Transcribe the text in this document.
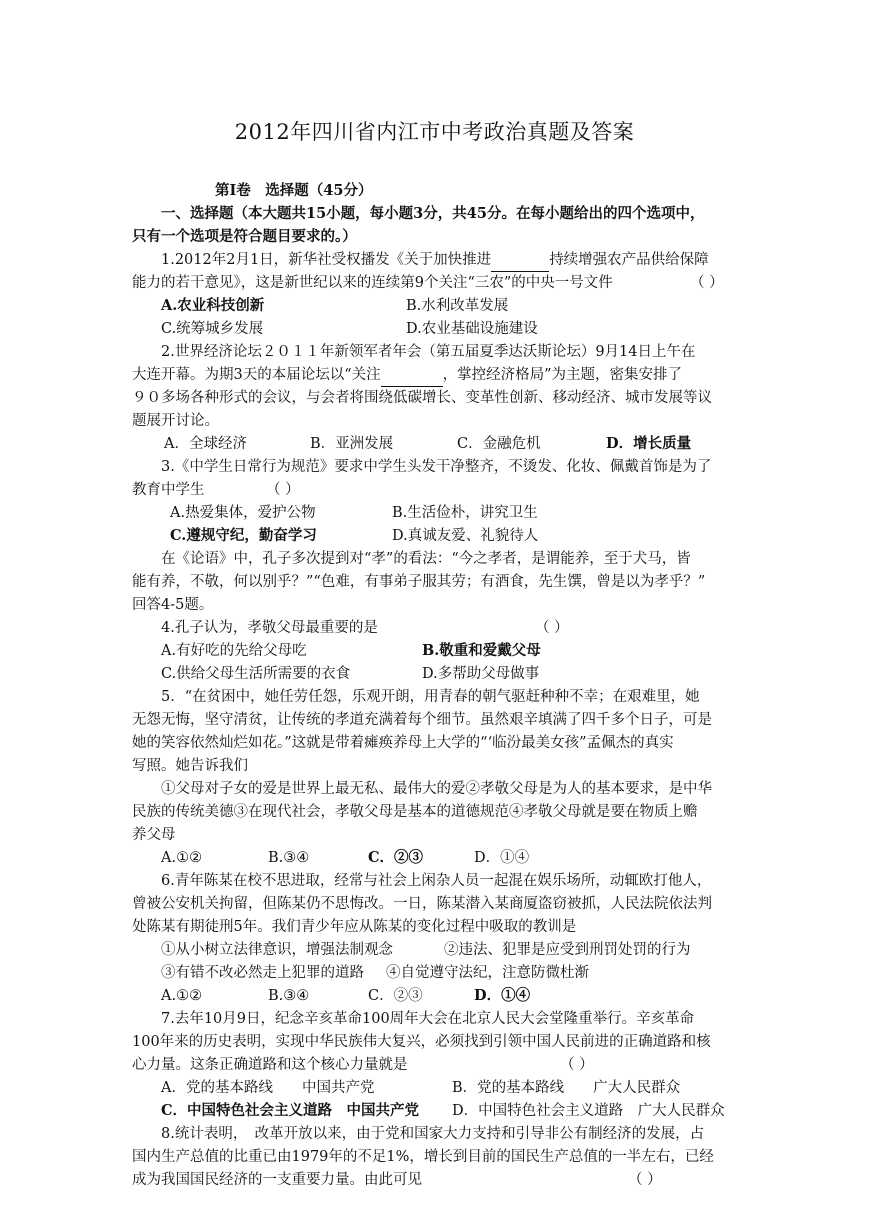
2012年四川省内江市中考政治真题及答案
第Ⅰ卷　选择题（45分）
一、选择题（本大题共15小题，每小题3分，共45分。在每小题给出的四个选项中，
只有一个选项是符合题目要求的。）
1.2012年2月1日，新华社受权播发《关于加快推进	持续增强农产品供给保障
能力的若干意见》，这是新世纪以来的连续第9个关注“三农”的中央一号文件	（ ）
A.农业科技创新	B.水利改革发展
C.统筹城乡发展	D.农业基础设施建设
2.世界经济论坛２０１１年新领军者年会（第五届夏季达沃斯论坛）9月14日上午在
大连开幕。为期3天的本届论坛以“关注	，掌控经济格局”为主题，密集安排了
９０多场各种形式的会议，与会者将围绕低碳增长、变革性创新、移动经济、城市发展等议
题展开讨论。
A．全球经济	B．亚洲发展	C．金融危机	D．增长质量
3.《中学生日常行为规范》要求中学生头发干净整齐，不烫发、化妆、佩戴首饰是为了
教育中学生	（ ）
A.热爱集体，爱护公物	B.生活俭朴，讲究卫生
C.遵规守纪，勤奋学习	D.真诚友爱、礼貌待人
在《论语》中，孔子多次提到对“孝”的看法：“今之孝者，是谓能养，至于犬马，皆
能有养，不敬，何以别乎？”“色难，有事弟子服其劳；有酒食，先生馔，曾是以为孝乎？”
回答4-5题。
4.孔子认为，孝敬父母最重要的是	（ ）
A.有好吃的先给父母吃	B.敬重和爱戴父母
C.供给父母生活所需要的衣食	D.多帮助父母做事
5．“在贫困中，她任劳任怨，乐观开朗，用青春的朝气驱赶种种不幸；在艰难里，她
无怨无悔，坚守清贫，让传统的孝道充满着每个细节。虽然艰辛填满了四千多个日子，可是
她的笑容依然灿烂如花。”这就是带着瘫痪养母上大学的“‘临汾最美女孩”孟佩杰的真实
写照。她告诉我们
①父母对子女的爱是世界上最无私、最伟大的爱②孝敬父母是为人的基本要求，是中华
民族的传统美德③在现代社会，孝敬父母是基本的道德规范④孝敬父母就是要在物质上赡
养父母
A.①②	B.③④	C．②③	D．①④
6.青年陈某在校不思进取，经常与社会上闲杂人员一起混在娱乐场所，动辄欧打他人，
曾被公安机关拘留，但陈某仍不思悔改。一日，陈某潜入某商厦盗窃被抓，人民法院依法判
处陈某有期徒刑5年。我们青少年应从陈某的变化过程中吸取的教训是
①从小树立法律意识，增强法制观念	②违法、犯罪是应受到刑罚处罚的行为
③有错不改必然走上犯罪的道路 ④自觉遵守法纪，注意防微杜渐
A.①②	B.③④	C．②③	D．①④
7.去年10月9日，纪念辛亥革命100周年大会在北京人民大会堂隆重举行。辛亥革命
100年来的历史表明，实现中华民族伟大复兴，必须找到引领中国人民前进的正确道路和核
心力量。这条正确道路和这个核心力量就是	（ ）
A．党的基本路线　　中国共产党	B．党的基本路线　　广大人民群众
C．中国特色社会主义道路　中国共产党 D．中国特色社会主义道路　广大人民群众
8.统计表明，　改革开放以来，由于党和国家大力支持和引导非公有制经济的发展，占
国内生产总值的比重已由1979年的不足1%，增长到目前的国民生产总值的一半左右，已经
成为我国国民经济的一支重要力量。由此可见	（ ）
